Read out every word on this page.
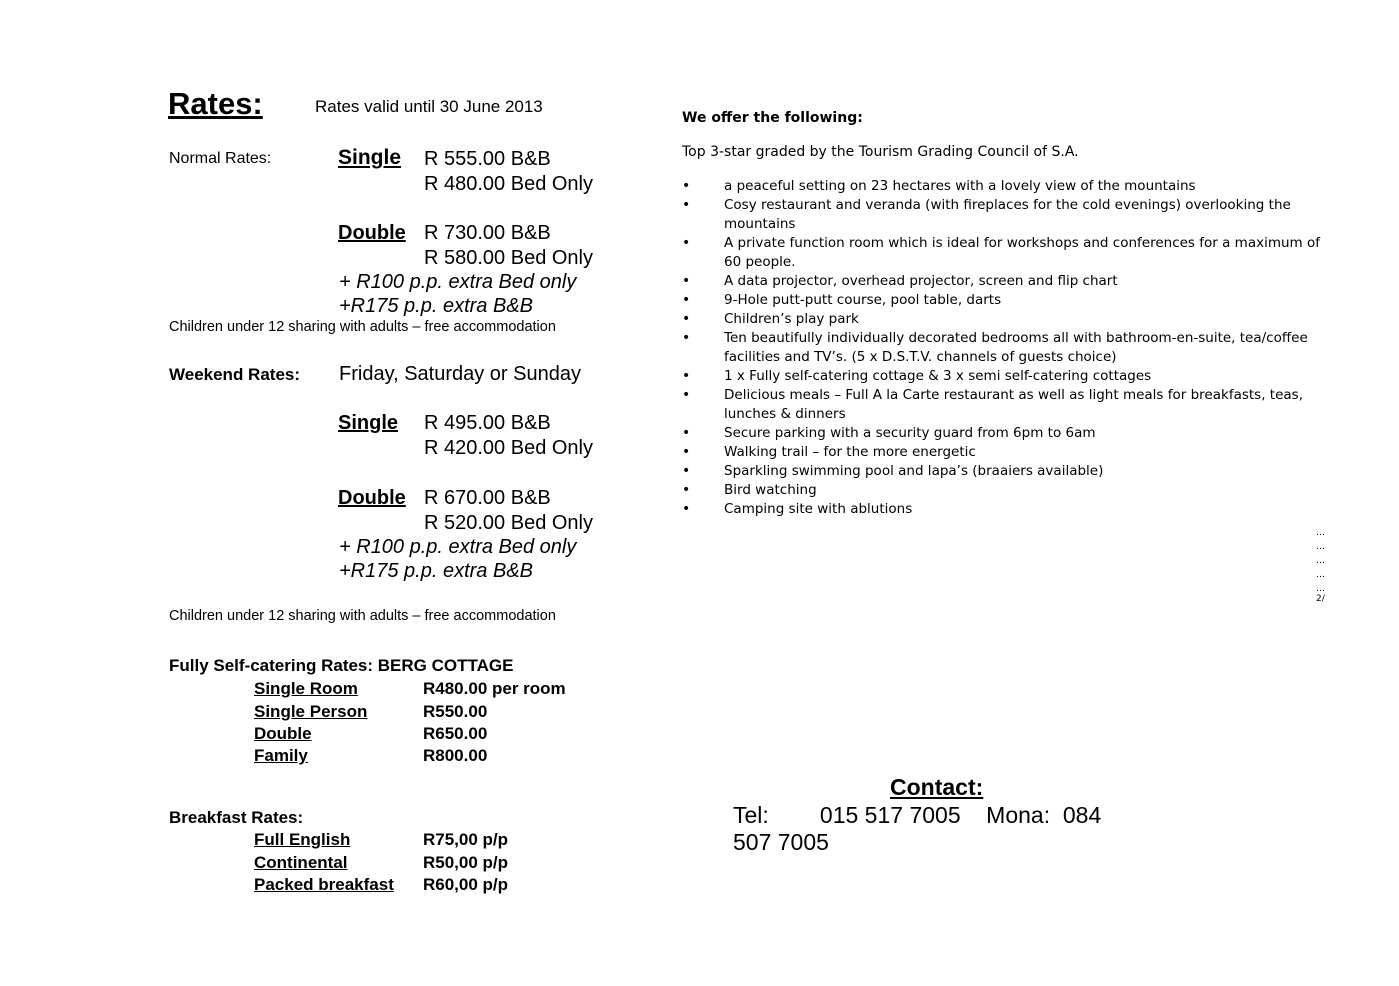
Rates:	Rates valid until 30 June 2013
Normal Rates:	Single R 555.00 B&B
R 480.00 Bed Only
Double R 730.00 B&B
R 580.00 Bed Only
+ R100 p.p. extra Bed only
+R175 p.p. extra B&B
Children under 12 sharing with adults – free accommodation
Weekend Rates: Friday, Saturday or Sunday
Single R 495.00 B&B
R 420.00 Bed Only
Double R 670.00 B&B
R 520.00 Bed Only
+ R100 p.p. extra Bed only
+R175 p.p. extra B&B
Children under 12 sharing with adults – free accommodation
Fully Self-catering Rates: BERG COTTAGE
Single Room	R480.00 per room
Single Person	R550.00
Double	R650.00
Family	R800.00
Breakfast Rates:
Full English	R75,00 p/p
Continental	R50,00 p/p
Packed breakfast R60,00 p/p
We offer the following:
Top 3-star graded by the Tourism Grading Council of S.A.
• a peaceful setting on 23 hectares with a lovely view of the mountains
• Cosy restaurant and veranda (with fireplaces for the cold evenings) overlooking the mountains
• A private function room which is ideal for workshops and conferences for a maximum of 60 people.
• A data projector, overhead projector, screen and flip chart
• 9-Hole putt-putt course, pool table, darts
• Children’s play park
• Ten beautifully individually decorated bedrooms all with bathroom-en-suite, tea/coffee facilities and TV’s. (5 x D.S.T.V. channels of guests choice)
• 1 x Fully self-catering cottage & 3 x semi self-catering cottages
• Delicious meals – Full A la Carte restaurant as well as light meals for breakfasts, teas, lunches & dinners
• Secure parking with a security guard from 6pm to 6am
• Walking trail – for the more energetic
• Sparkling swimming pool and lapa’s (braaiers available)
• Bird watching
• Camping site with ablutions
…
…
…
…
…
2/
Contact:
Tel:        015 517 7005    Mona:  084
507 7005
